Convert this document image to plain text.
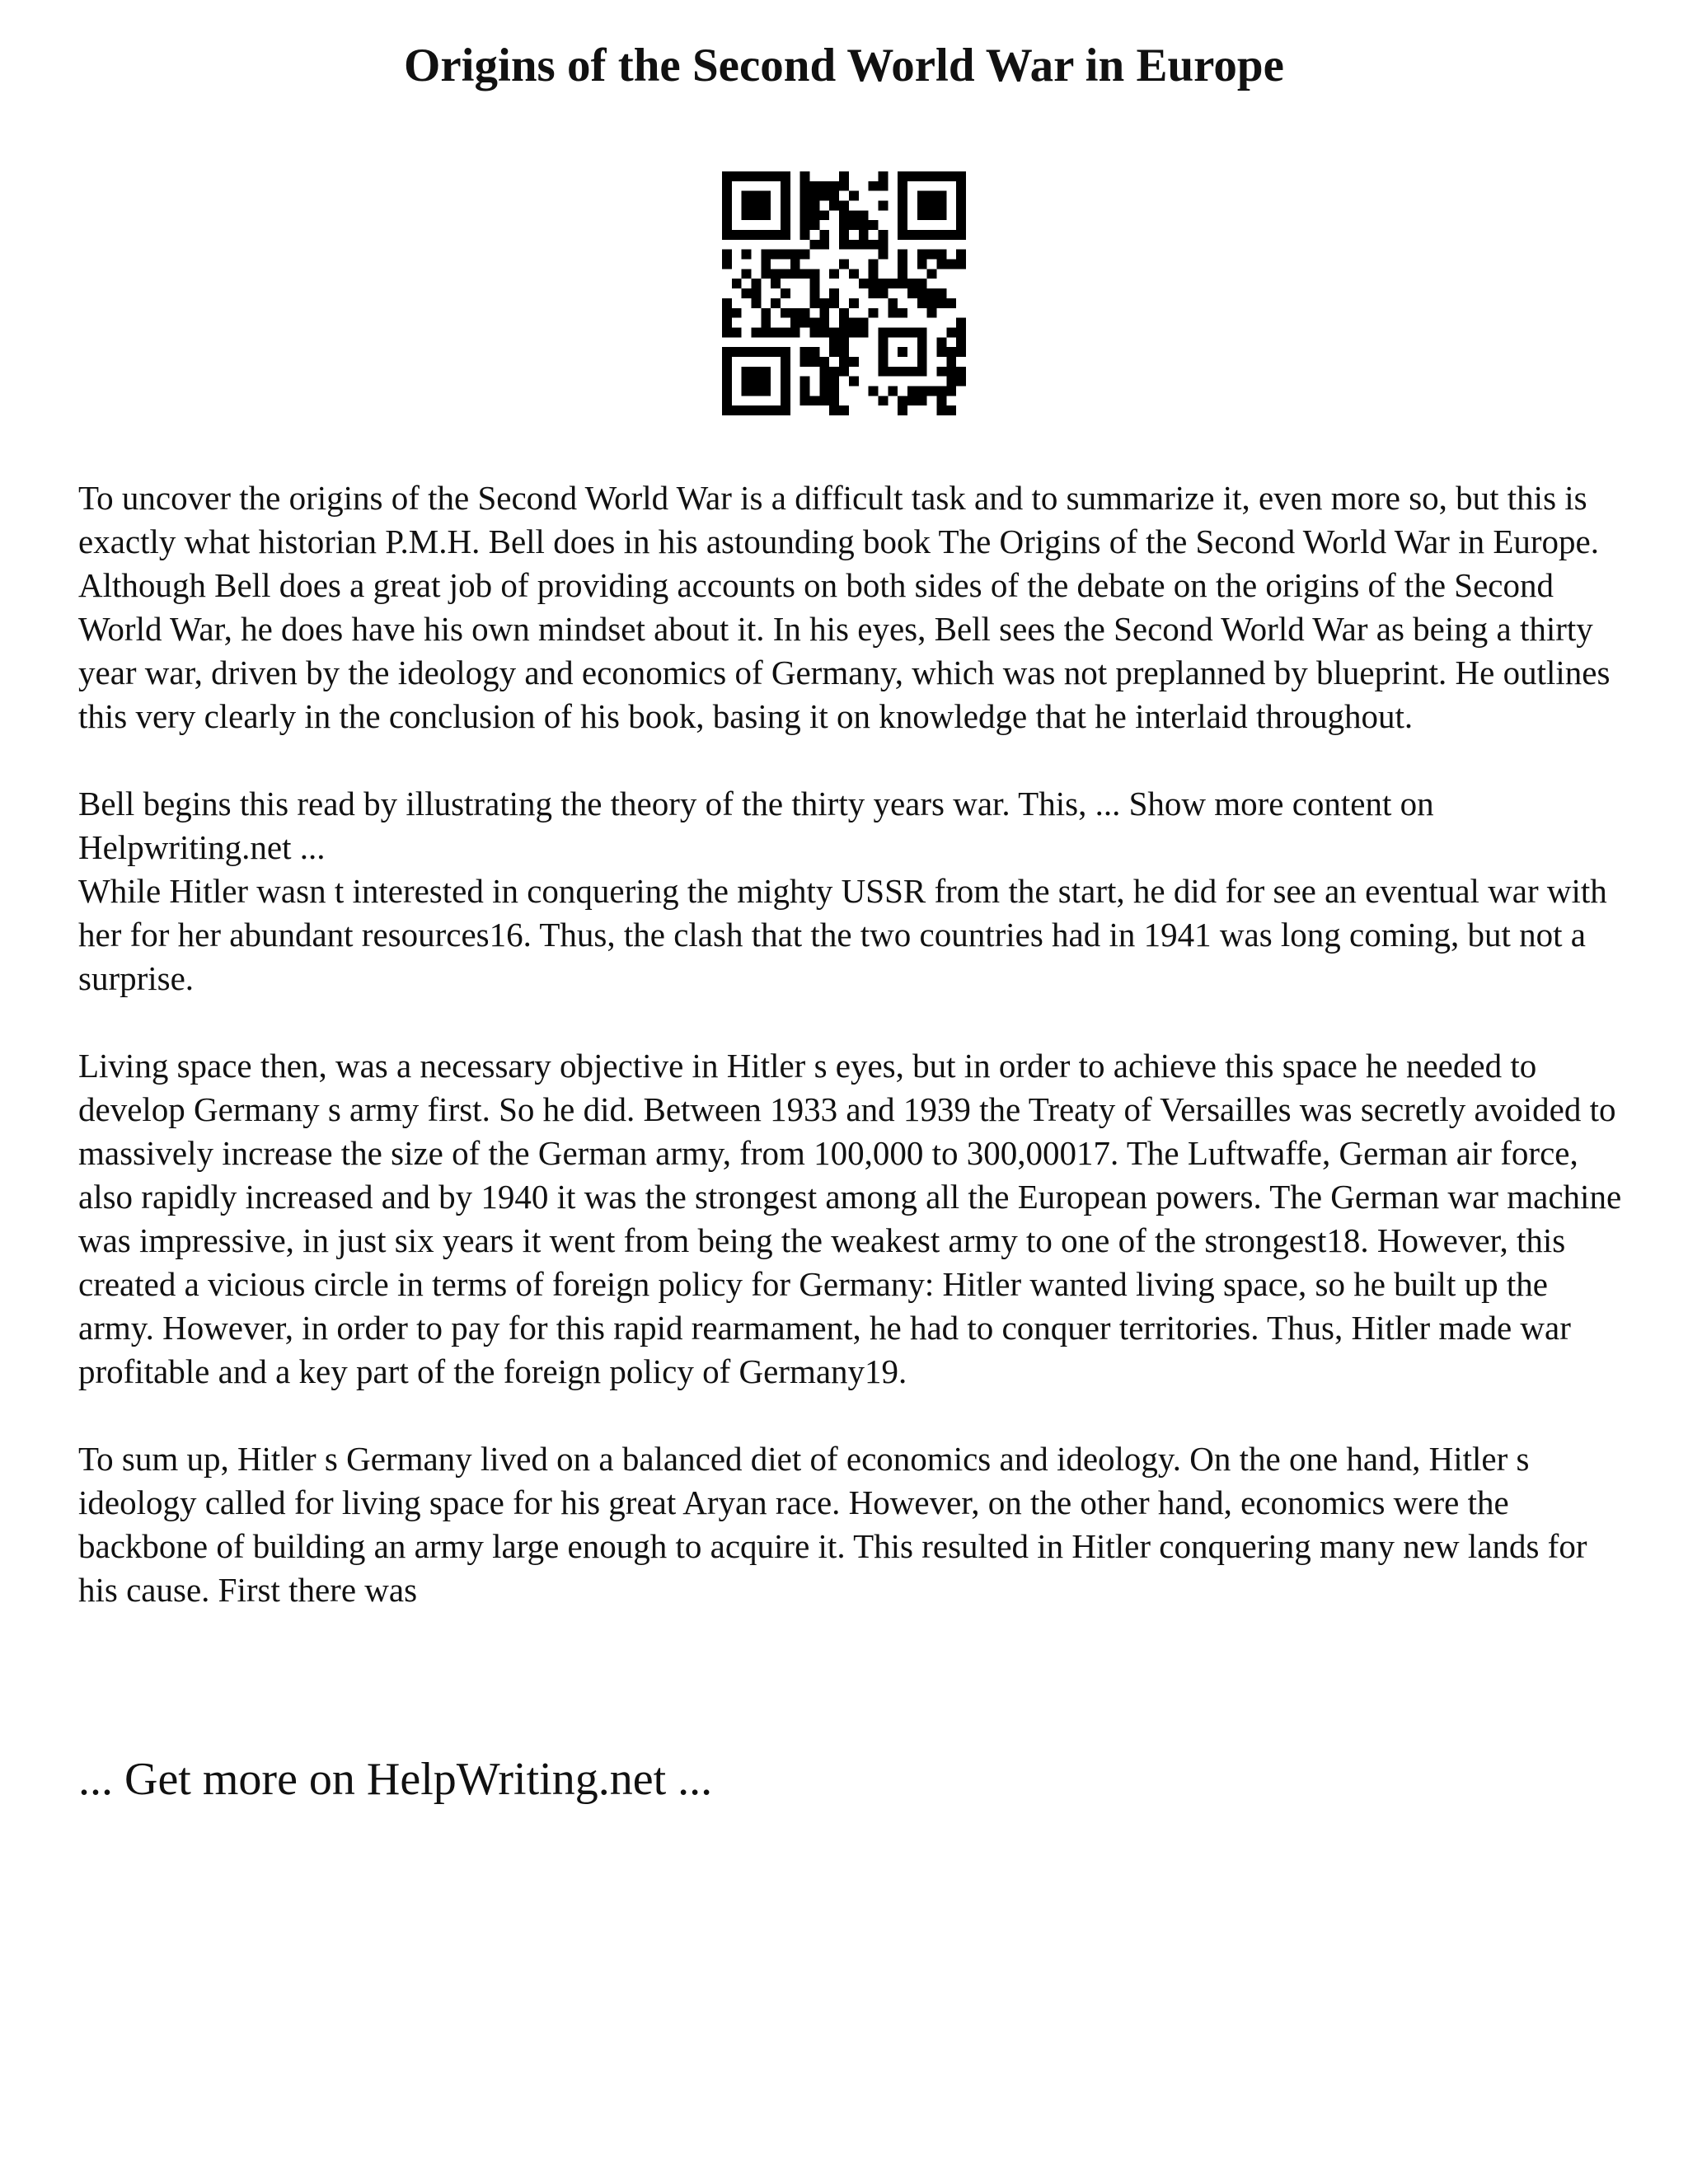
Origins of the Second World War in Europe

To uncover the origins of the Second World War is a difficult task and to summarize it, even more so, but this is exactly what historian P.M.H. Bell does in his astounding book The Origins of the Second World War in Europe. Although Bell does a great job of providing accounts on both sides of the debate on the origins of the Second World War, he does have his own mindset about it. In his eyes, Bell sees the Second World War as being a thirty year war, driven by the ideology and economics of Germany, which was not preplanned by blueprint. He outlines this very clearly in the conclusion of his book, basing it on knowledge that he interlaid throughout.

Bell begins this read by illustrating the theory of the thirty years war. This, ... Show more content on Helpwriting.net ...

While Hitler wasn t interested in conquering the mighty USSR from the start, he did for see an eventual war with her for her abundant resources16. Thus, the clash that the two countries had in 1941 was long coming, but not a surprise.

Living space then, was a necessary objective in Hitler s eyes, but in order to achieve this space he needed to develop Germany s army first. So he did. Between 1933 and 1939 the Treaty of Versailles was secretly avoided to massively increase the size of the German army, from 100,000 to 300,00017. The Luftwaffe, German air force, also rapidly increased and by 1940 it was the strongest among all the European powers. The German war machine was impressive, in just six years it went from being the weakest army to one of the strongest18. However, this created a vicious circle in terms of foreign policy for Germany: Hitler wanted living space, so he built up the army. However, in order to pay for this rapid rearmament, he had to conquer territories. Thus, Hitler made war profitable and a key part of the foreign policy of Germany19.

To sum up, Hitler s Germany lived on a balanced diet of economics and ideology. On the one hand, Hitler s ideology called for living space for his great Aryan race. However, on the other hand, economics were the backbone of building an army large enough to acquire it. This resulted in Hitler conquering many new lands for his cause. First there was

... Get more on HelpWriting.net ...
